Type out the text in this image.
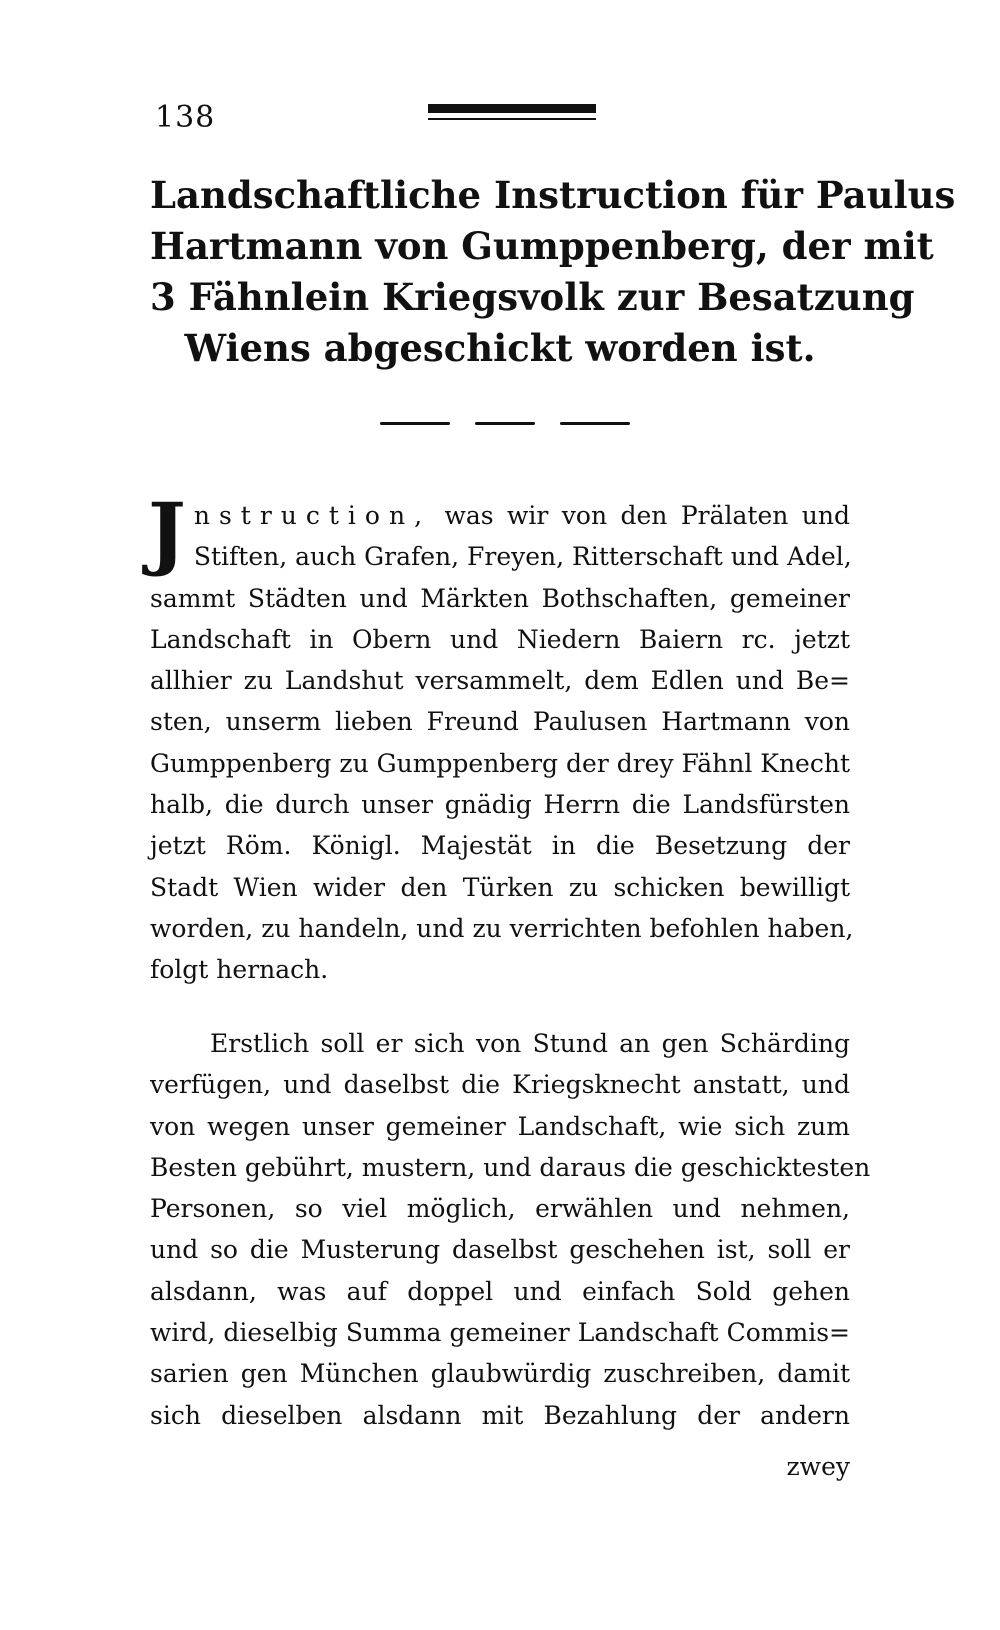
138
Landschaftliche Instruction für Paulus
Hartmann von Gumppenberg, der mit
3 Fähnlein Kriegsvolk zur Besatzung
Wiens abgeschickt worden ist.
J nstruction, was wir von den Prälaten und
Stiften, auch Grafen, Freyen, Ritterschaft und Adel,
sammt Städten und Märkten Bothschaften, gemeiner
Landschaft in Obern und Niedern Baiern rc. jetzt
allhier zu Landshut versammelt, dem Edlen und Be=
sten, unserm lieben Freund Paulusen Hartmann von
Gumppenberg zu Gumppenberg der drey Fähnl Knecht
halb, die durch unser gnädig Herrn die Landsfürsten
jetzt Röm. Königl. Majestät in die Besetzung der
Stadt Wien wider den Türken zu schicken bewilligt
worden, zu handeln, und zu verrichten befohlen haben,
folgt hernach.
Erstlich soll er sich von Stund an gen Schärding
verfügen, und daselbst die Kriegsknecht anstatt, und
von wegen unser gemeiner Landschaft, wie sich zum
Besten gebührt, mustern, und daraus die geschicktesten
Personen, so viel möglich, erwählen und nehmen,
und so die Musterung daselbst geschehen ist, soll er
alsdann, was auf doppel und einfach Sold gehen
wird, dieselbig Summa gemeiner Landschaft Commis=
sarien gen München glaubwürdig zuschreiben, damit
sich dieselben alsdann mit Bezahlung der andern
zwey
